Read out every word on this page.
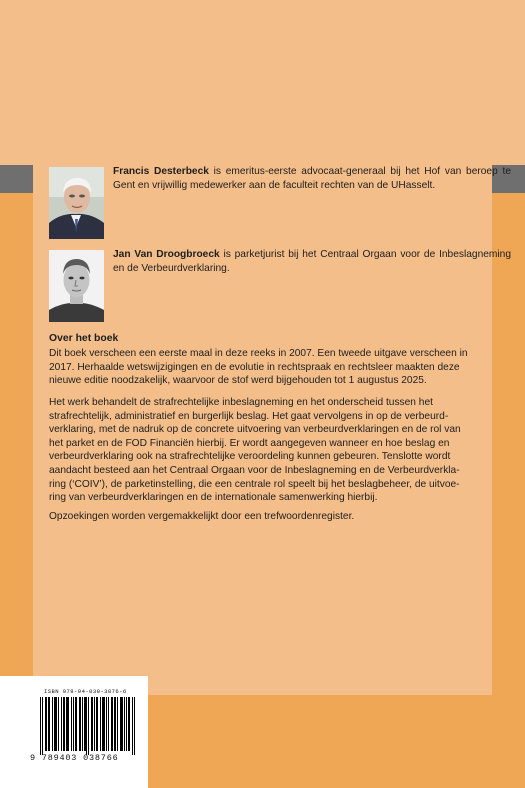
Francis Desterbeck is emeritus-eerste advocaat-generaal bij het Hof van beroep te Gent en vrijwillig medewerker aan de faculteit rechten van de UHasselt.
Jan Van Droogbroeck is parketjurist bij het Centraal Orgaan voor de Inbeslagneming en de Verbeurdverklaring.
Over het boek

Dit boek verscheen een eerste maal in deze reeks in 2007. Een tweede uitgave verscheen in 2017. Herhaalde wetswijzigingen en de evolutie in rechtspraak en rechtsleer maakten deze nieuwe editie noodzakelijk, waarvoor de stof werd bijgehouden tot 1 augustus 2025.

Het werk behandelt de strafrechtelijke inbeslagneming en het onderscheid tussen het strafrechtelijk, administratief en burgerlijk beslag. Het gaat vervolgens in op de verbeurd-verklaring, met de nadruk op de concrete uitvoering van verbeurdverklaringen en de rol van het parket en de FOD Financiën hierbij. Er wordt aangegeven wanneer en hoe beslag en verbeurdverklaring ook na strafrechtelijke veroordeling kunnen gebeuren. Tenslotte wordt aandacht besteed aan het Centraal Orgaan voor de Inbeslagneming en de Verbeurdverkla-ring (‘COIV’), de parketinstelling, die een centrale rol speelt bij het beslagbeheer, de uitvoe-ring van verbeurdverklaringen en de internationale samenwerking hierbij.

Opzoekingen worden vergemakkelijkt door een trefwoordenregister.

ISBN 978-94-030-3876-6
9 789403 038766
